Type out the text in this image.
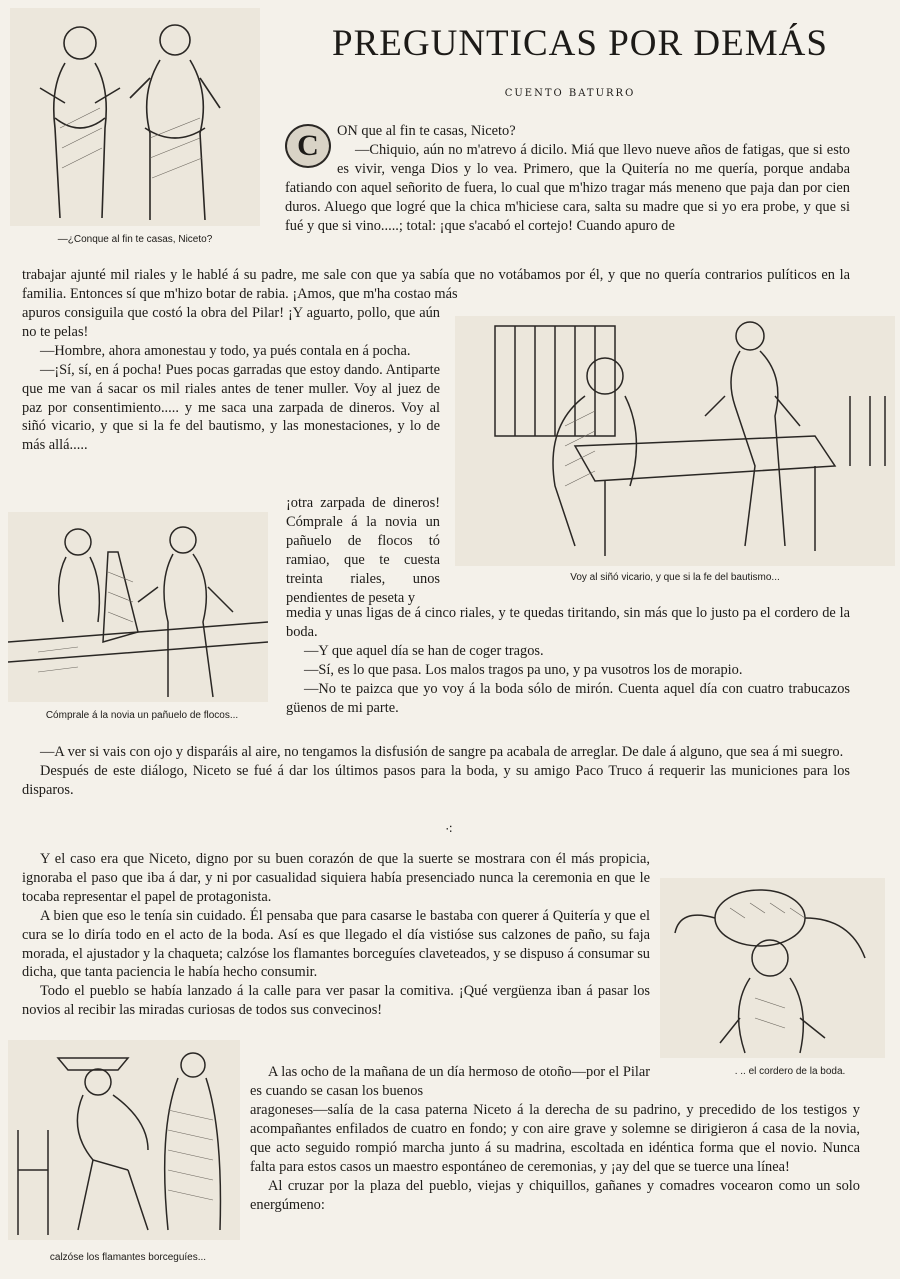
PREGUNTICAS POR DEMÁS
CUENTO BATURRO
—¿Conque al fin te casas, Niceto?
Voy al siñó vicario, y que si la fe del bautismo...
Cómprale á la novia un pañuelo de flocos...
. .. el cordero de la boda.
calzóse los flamantes borceguíes...
C	ON que al fin te casas, Niceto?

—Chiquio, aún no m'atrevo á dicilo. Miá que llevo nueve años de fatigas, que si esto es vivir, venga Dios y lo vea. Primero, que la Quitería no me quería, porque andaba fatiando con aquel señorito de fuera, lo cual que m'hizo tragar más meneno que paja dan por cien duros. Aluego que logré que la chica m'hiciese cara, salta su madre que si yo era probe, y que si fué y que si vino.....; total: ¡que s'acabó el cortejo! Cuando apuro de

trabajar ajunté mil riales y le hablé á su padre, me sale con que ya sabía que no votábamos por él, y que no quería contrarios pulíticos en la familia. Entonces sí que m'hizo botar de rabia. ¡Amos, que m'ha costao más

apuros consiguila que costó la obra del Pilar! ¡Y aguarto, pollo, que aún no te pelas!

—Hombre, ahora amonestau y todo, ya pués contala en á pocha.

—¡Sí, sí, en á pocha! Pues pocas garradas que estoy dando. Antiparte que me van á sacar os mil riales antes de tener muller. Voy al juez de paz por consentimiento..... y me saca una zarpada de dineros. Voy al siñó vicario, y que si la fe del bautismo, y las monestaciones, y lo de más allá.....

¡otra zarpada de dineros! Cómprale á la novia un pañuelo de flocos tó ramiao, que te cuesta treinta riales, unos pendientes de peseta y

media y unas ligas de á cinco riales, y te quedas tiritando, sin más que lo justo pa el cordero de la boda.

—Y que aquel día se han de coger tragos.

—Sí, es lo que pasa. Los malos tragos pa uno, y pa vusotros los de morapio.

—No te paizca que yo voy á la boda sólo de mirón. Cuenta aquel día con cuatro trabucazos güenos de mi parte.

—A ver si vais con ojo y disparáis al aire, no tengamos la disfusión de sangre pa acabala de arreglar. De dale á alguno, que sea á mi suegro.

Después de este diálogo, Niceto se fué á dar los últimos pasos para la boda, y su amigo Paco Truco á requerir las municiones para los disparos.

⁖

Y el caso era que Niceto, digno por su buen corazón de que la suerte se mostrara con él más propicia, ignoraba el paso que iba á dar, y ni por casualidad siquiera había presenciado nunca la ceremonia en que le tocaba representar el papel de protagonista.

A bien que eso le tenía sin cuidado. Él pensaba que para casarse le bastaba con querer á Quitería y que el cura se lo diría todo en el acto de la boda. Así es que llegado el día vistióse sus calzones de paño, su faja morada, el ajustador y la chaqueta; calzóse los flamantes borceguíes claveteados, y se dispuso á consumar su dicha, que tanta paciencia le había hecho consumir.

Todo el pueblo se había lanzado á la calle para ver pasar la comitiva. ¡Qué vergüenza iban á pasar los novios al recibir las miradas curiosas de todos sus convecinos!

A las ocho de la mañana de un día hermoso de otoño—por el Pilar es cuando se casan los buenos

aragoneses—salía de la casa paterna Niceto á la derecha de su padrino, y precedido de los testigos y acompañantes enfilados de cuatro en fondo; y con aire grave y solemne se dirigieron á casa de la novia, que acto seguido rompió marcha junto á su madrina, escoltada en idéntica forma que el novio. Nunca falta para estos casos un maestro espontáneo de ceremonias, y ¡ay del que se tuerce una línea!

Al cruzar por la plaza del pueblo, viejas y chiquillos, gañanes y comadres vocearon como un solo energúmeno:
